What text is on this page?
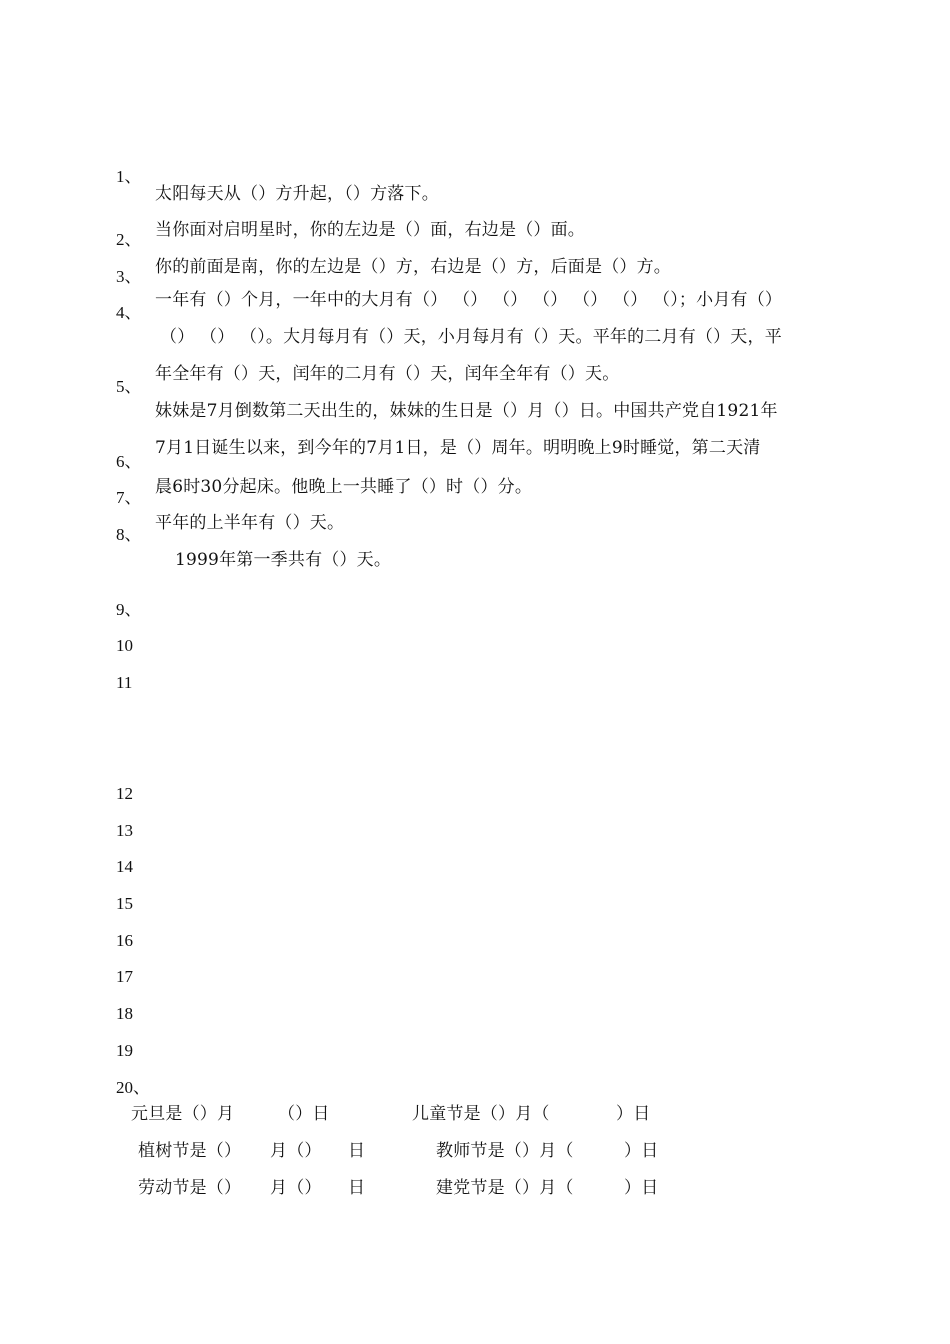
1、
2、
3、
4、
5、
6、
7、
8、
9、
10
11
12
13
14
15
16
17
18
19
20、
太阳每天从（）方升起，（）方落下。
当你面对启明星时，你的左边是（）面，右边是（）面。
你的前面是南，你的左边是（）方，右边是（）方，后面是（）方。
一年有（）个月，一年中的大月有（） （） （） （） （） （） （）；小月有（）
（） （） （）。大月每月有（）天，小月每月有（）天。平年的二月有（）天，平
年全年有（）天，闰年的二月有（）天，闰年全年有（）天。
妹妹是7月倒数第二天出生的，妹妹的生日是（）月（）日。中国共产党自1921年
7月1日诞生以来，到今年的7月1日，是（）周年。明明晚上9时睡觉，第二天清
晨6时30分起床。他晚上一共睡了（）时（）分。
平年的上半年有（）天。
1999年第一季共有（）天。
元旦是（）月	（）日	儿童节是（）月（	）日
植树节是（） 月（） 日	教师节是（）月（	）日
劳动节是（） 月（） 日	建党节是（）月（	）日
